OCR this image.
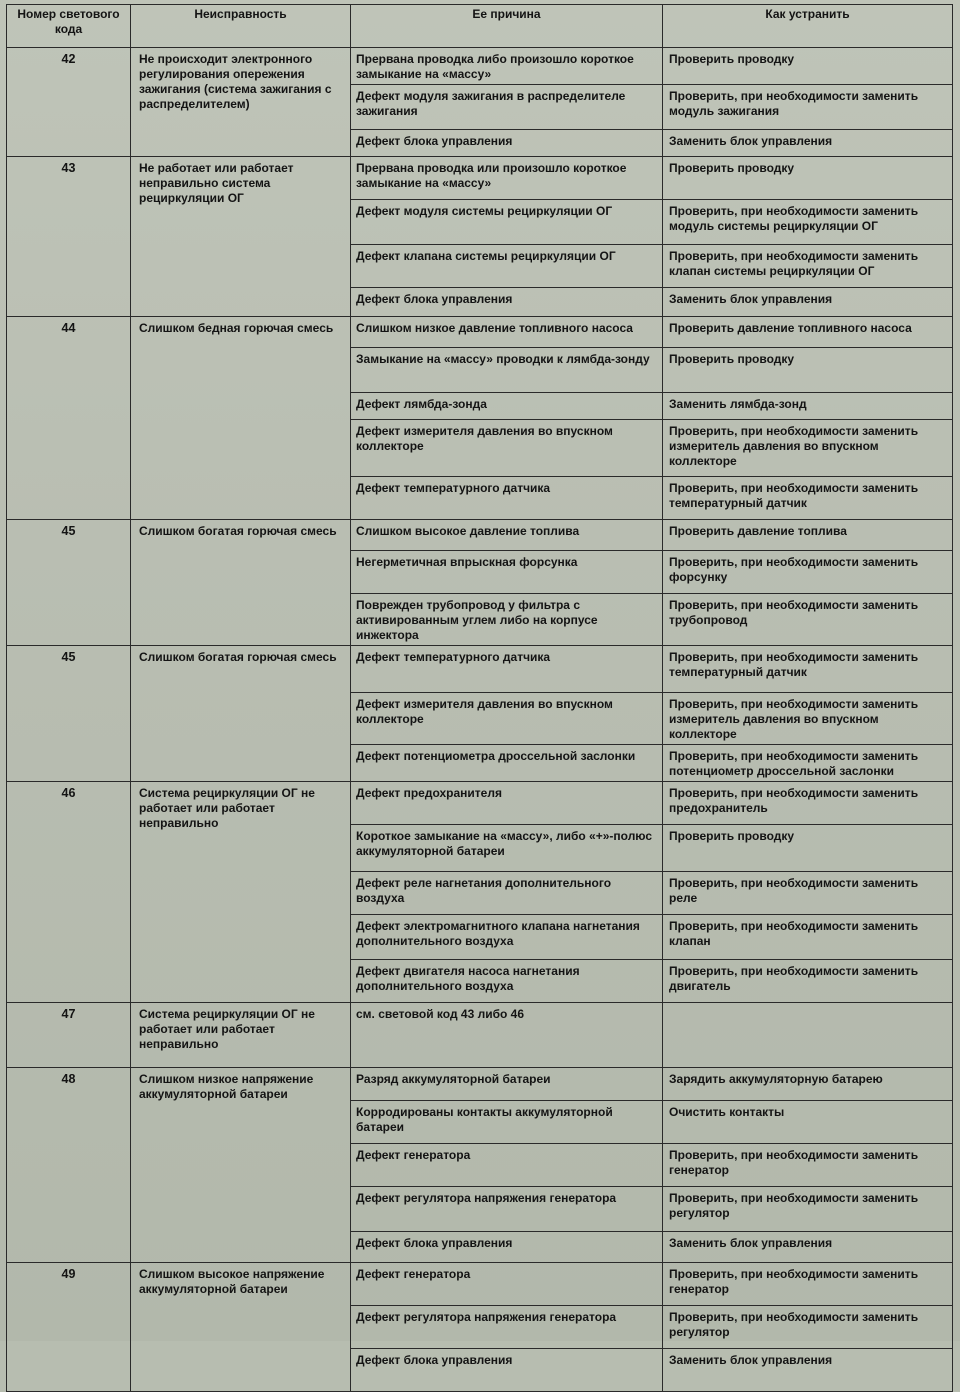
Номер светового кода	Неисправность	Ее причина	Как устранить
42	Не происходит электронного регулирования опережения зажигания (система зажигания с распределителем)	Прервана проводка либо произошло короткое замыкание на «массу»	Проверить проводку
		Дефект модуля зажигания в распределителе зажигания	Проверить, при необходимости заменить модуль зажигания
		Дефект блока управления	Заменить блок управления
43	Не работает или работает неправильно система рециркуляции ОГ	Прервана проводка или произошло короткое замыкание на «массу»	Проверить проводку
		Дефект модуля системы рециркуляции ОГ	Проверить, при необходимости заменить модуль системы рециркуляции ОГ
		Дефект клапана системы рециркуляции ОГ	Проверить, при необходимости заменить клапан системы рециркуляции ОГ
		Дефект блока управления	Заменить блок управления
44	Слишком бедная горючая смесь	Слишком низкое давление топливного насоса	Проверить давление топливного насоса
		Замыкание на «массу» проводки к лямбда-зонду	Проверить проводку
		Дефект лямбда-зонда	Заменить лямбда-зонд
		Дефект измерителя давления во впускном коллекторе	Проверить, при необходимости заменить измеритель давления во впускном коллекторе
		Дефект температурного датчика	Проверить, при необходимости заменить температурный датчик
45	Слишком богатая горючая смесь	Слишком высокое давление топлива	Проверить давление топлива
		Негерметичная впрыскная форсунка	Проверить, при необходимости заменить форсунку
		Поврежден трубопровод у фильтра с активированным углем либо на корпусе инжектора	Проверить, при необходимости заменить трубопровод
45	Слишком богатая горючая смесь	Дефект температурного датчика	Проверить, при необходимости заменить температурный датчик
		Дефект измерителя давления во впускном коллекторе	Проверить, при необходимости заменить измеритель давления во впускном коллекторе
		Дефект потенциометра дроссельной заслонки	Проверить, при необходимости заменить потенциометр дроссельной заслонки
46	Система рециркуляции ОГ не работает или работает неправильно	Дефект предохранителя	Проверить, при необходимости заменить предохранитель
		Короткое замыкание на «массу», либо «+»-полюс аккумуляторной батареи	Проверить проводку
		Дефект реле нагнетания дополнительного воздуха	Проверить, при необходимости заменить реле
		Дефект электромагнитного клапана нагнетания дополнительного воздуха	Проверить, при необходимости заменить клапан
		Дефект двигателя насоса нагнетания дополнительного воздуха	Проверить, при необходимости заменить двигатель
47	Система рециркуляции ОГ не работает или работает неправильно	см. световой код 43 либо 46	
48	Слишком низкое напряжение аккумуляторной батареи	Разряд аккумуляторной батареи	Зарядить аккумуляторную батарею
		Корродированы контакты аккумуляторной батареи	Очистить контакты
		Дефект генератора	Проверить, при необходимости заменить генератор
		Дефект регулятора напряжения генератора	Проверить, при необходимости заменить регулятор
		Дефект блока управления	Заменить блок управления
49	Слишком высокое напряжение аккумуляторной батареи	Дефект генератора	Проверить, при необходимости заменить генератор
		Дефект регулятора напряжения генератора	Проверить, при необходимости заменить регулятор
		Дефект блока управления	Заменить блок управления
